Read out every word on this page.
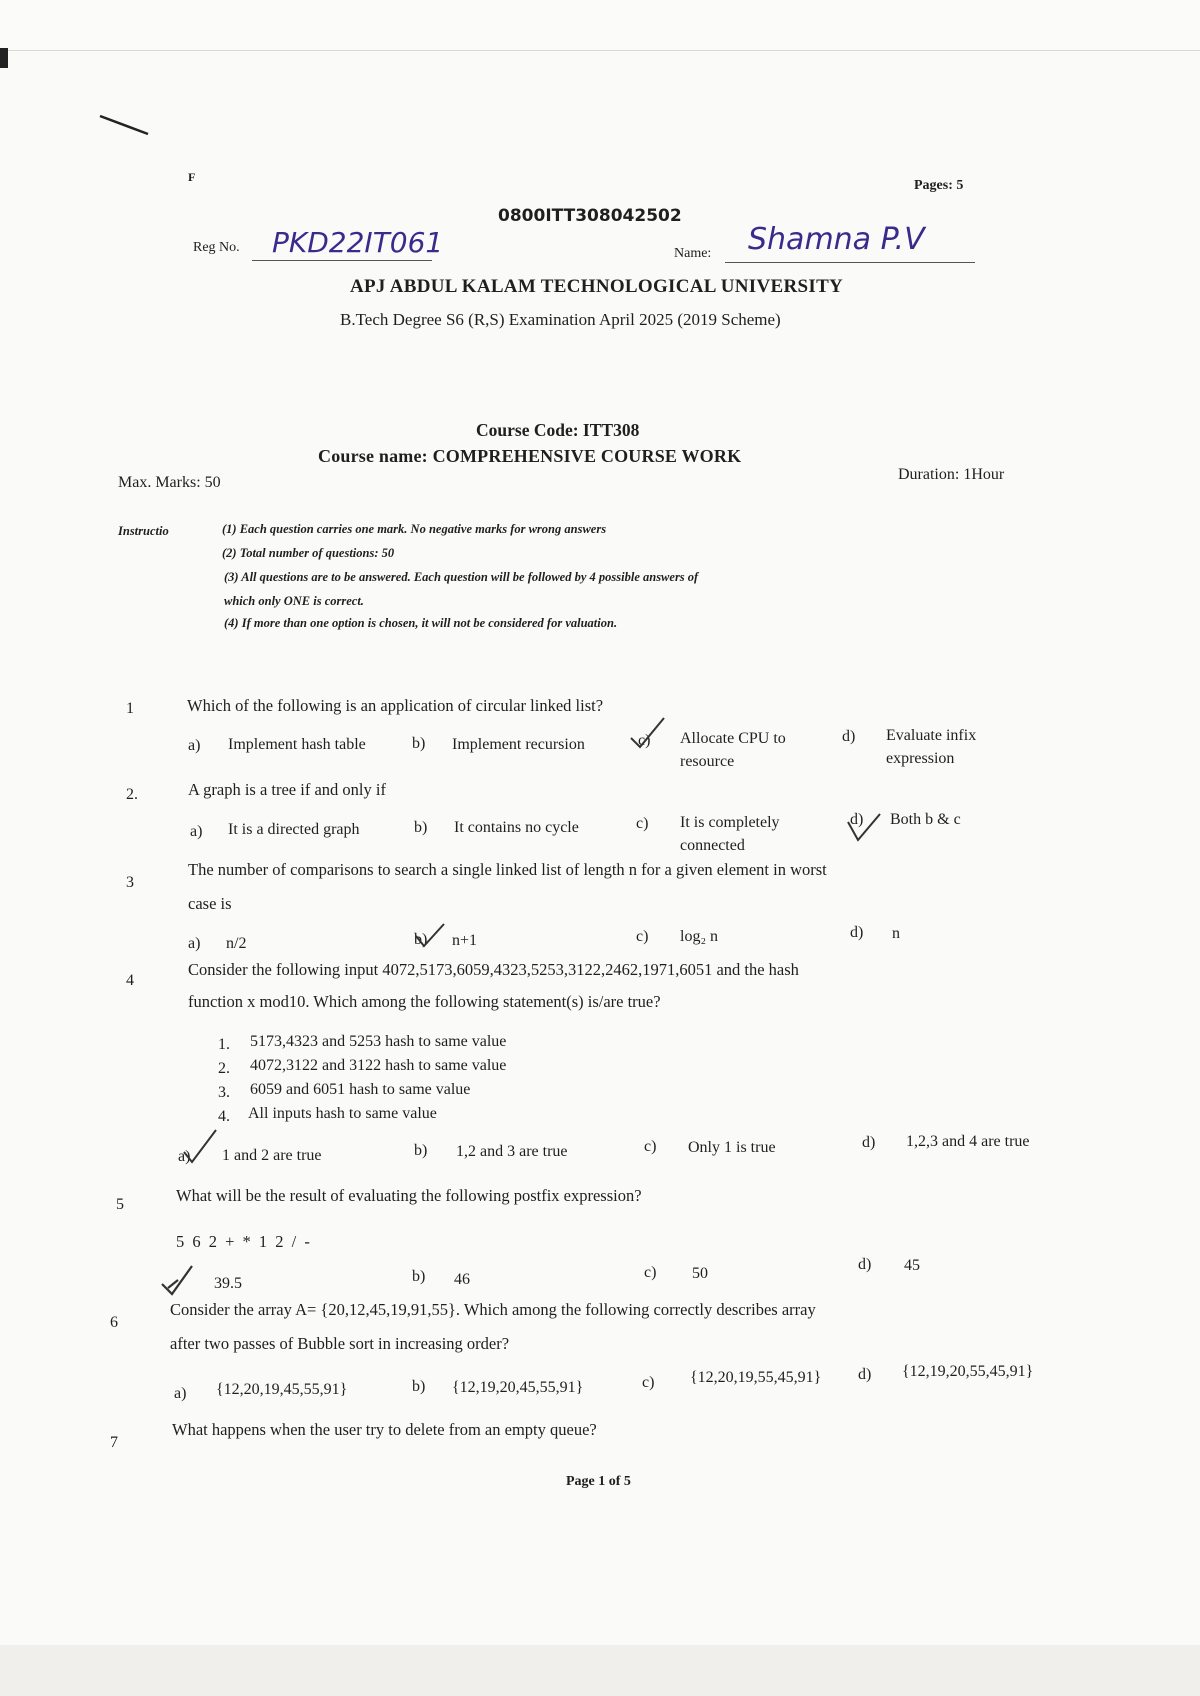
F
Pages: 5
0800ITT308042502
Reg No. PKD22IT061	Name: Shamna P.V
APJ ABDUL KALAM TECHNOLOGICAL UNIVERSITY
B.Tech Degree S6 (R,S) Examination April 2025 (2019 Scheme)
Course Code: ITT308
Course name: COMPREHENSIVE COURSE WORK
Max. Marks: 50	Duration: 1Hour
Instructio	(1) Each question carries one mark. No negative marks for wrong answers
(2) Total number of questions: 50
(3) All questions are to be answered. Each question will be followed by 4 possible answers of
which only ONE is correct.
(4) If more than one option is chosen, it will not be considered for valuation.
1	Which of the following is an application of circular linked list?
a) Implement hash table	b) Implement recursion	c) Allocate CPU to resource
d) Evaluate infix expression
2.	A graph is a tree if and only if
a) It is a directed graph	b) It contains no cycle	c) It is completely connected
d) Both b & c
3
The number of comparisons to search a single linked list of length n for a given element in worst
case is
a) n/2	b) n+1	c) log₂ n	d) n
4
Consider the following input 4072,5173,6059,4323,5253,3122,2462,1971,6051 and the hash
function x mod10. Which among the following statement(s) is/are true?
1. 5173,4323 and 5253 hash to same value
2. 4072,3122 and 3122 hash to same value
3. 6059 and 6051 hash to same value
4. All inputs hash to same value
a) 1 and 2 are true	b) 1,2 and 3 are true	c) Only 1 is true	d) 1,2,3 and 4 are true
5	What will be the result of evaluating the following postfix expression?
5 6 2 + * 1 2 / -
39.5	b) 46	c) 50
d) 45
6
Consider the array A= {20,12,45,19,91,55}. Which among the following correctly describes array
after two passes of Bubble sort in increasing order?
a) {12,20,19,45,55,91}	b) {12,19,20,45,55,91}	c) {12,20,19,55,45,91}	d) {12,19,20,55,45,91}
7
What happens when the user try to delete from an empty queue?
Page 1 of 5
